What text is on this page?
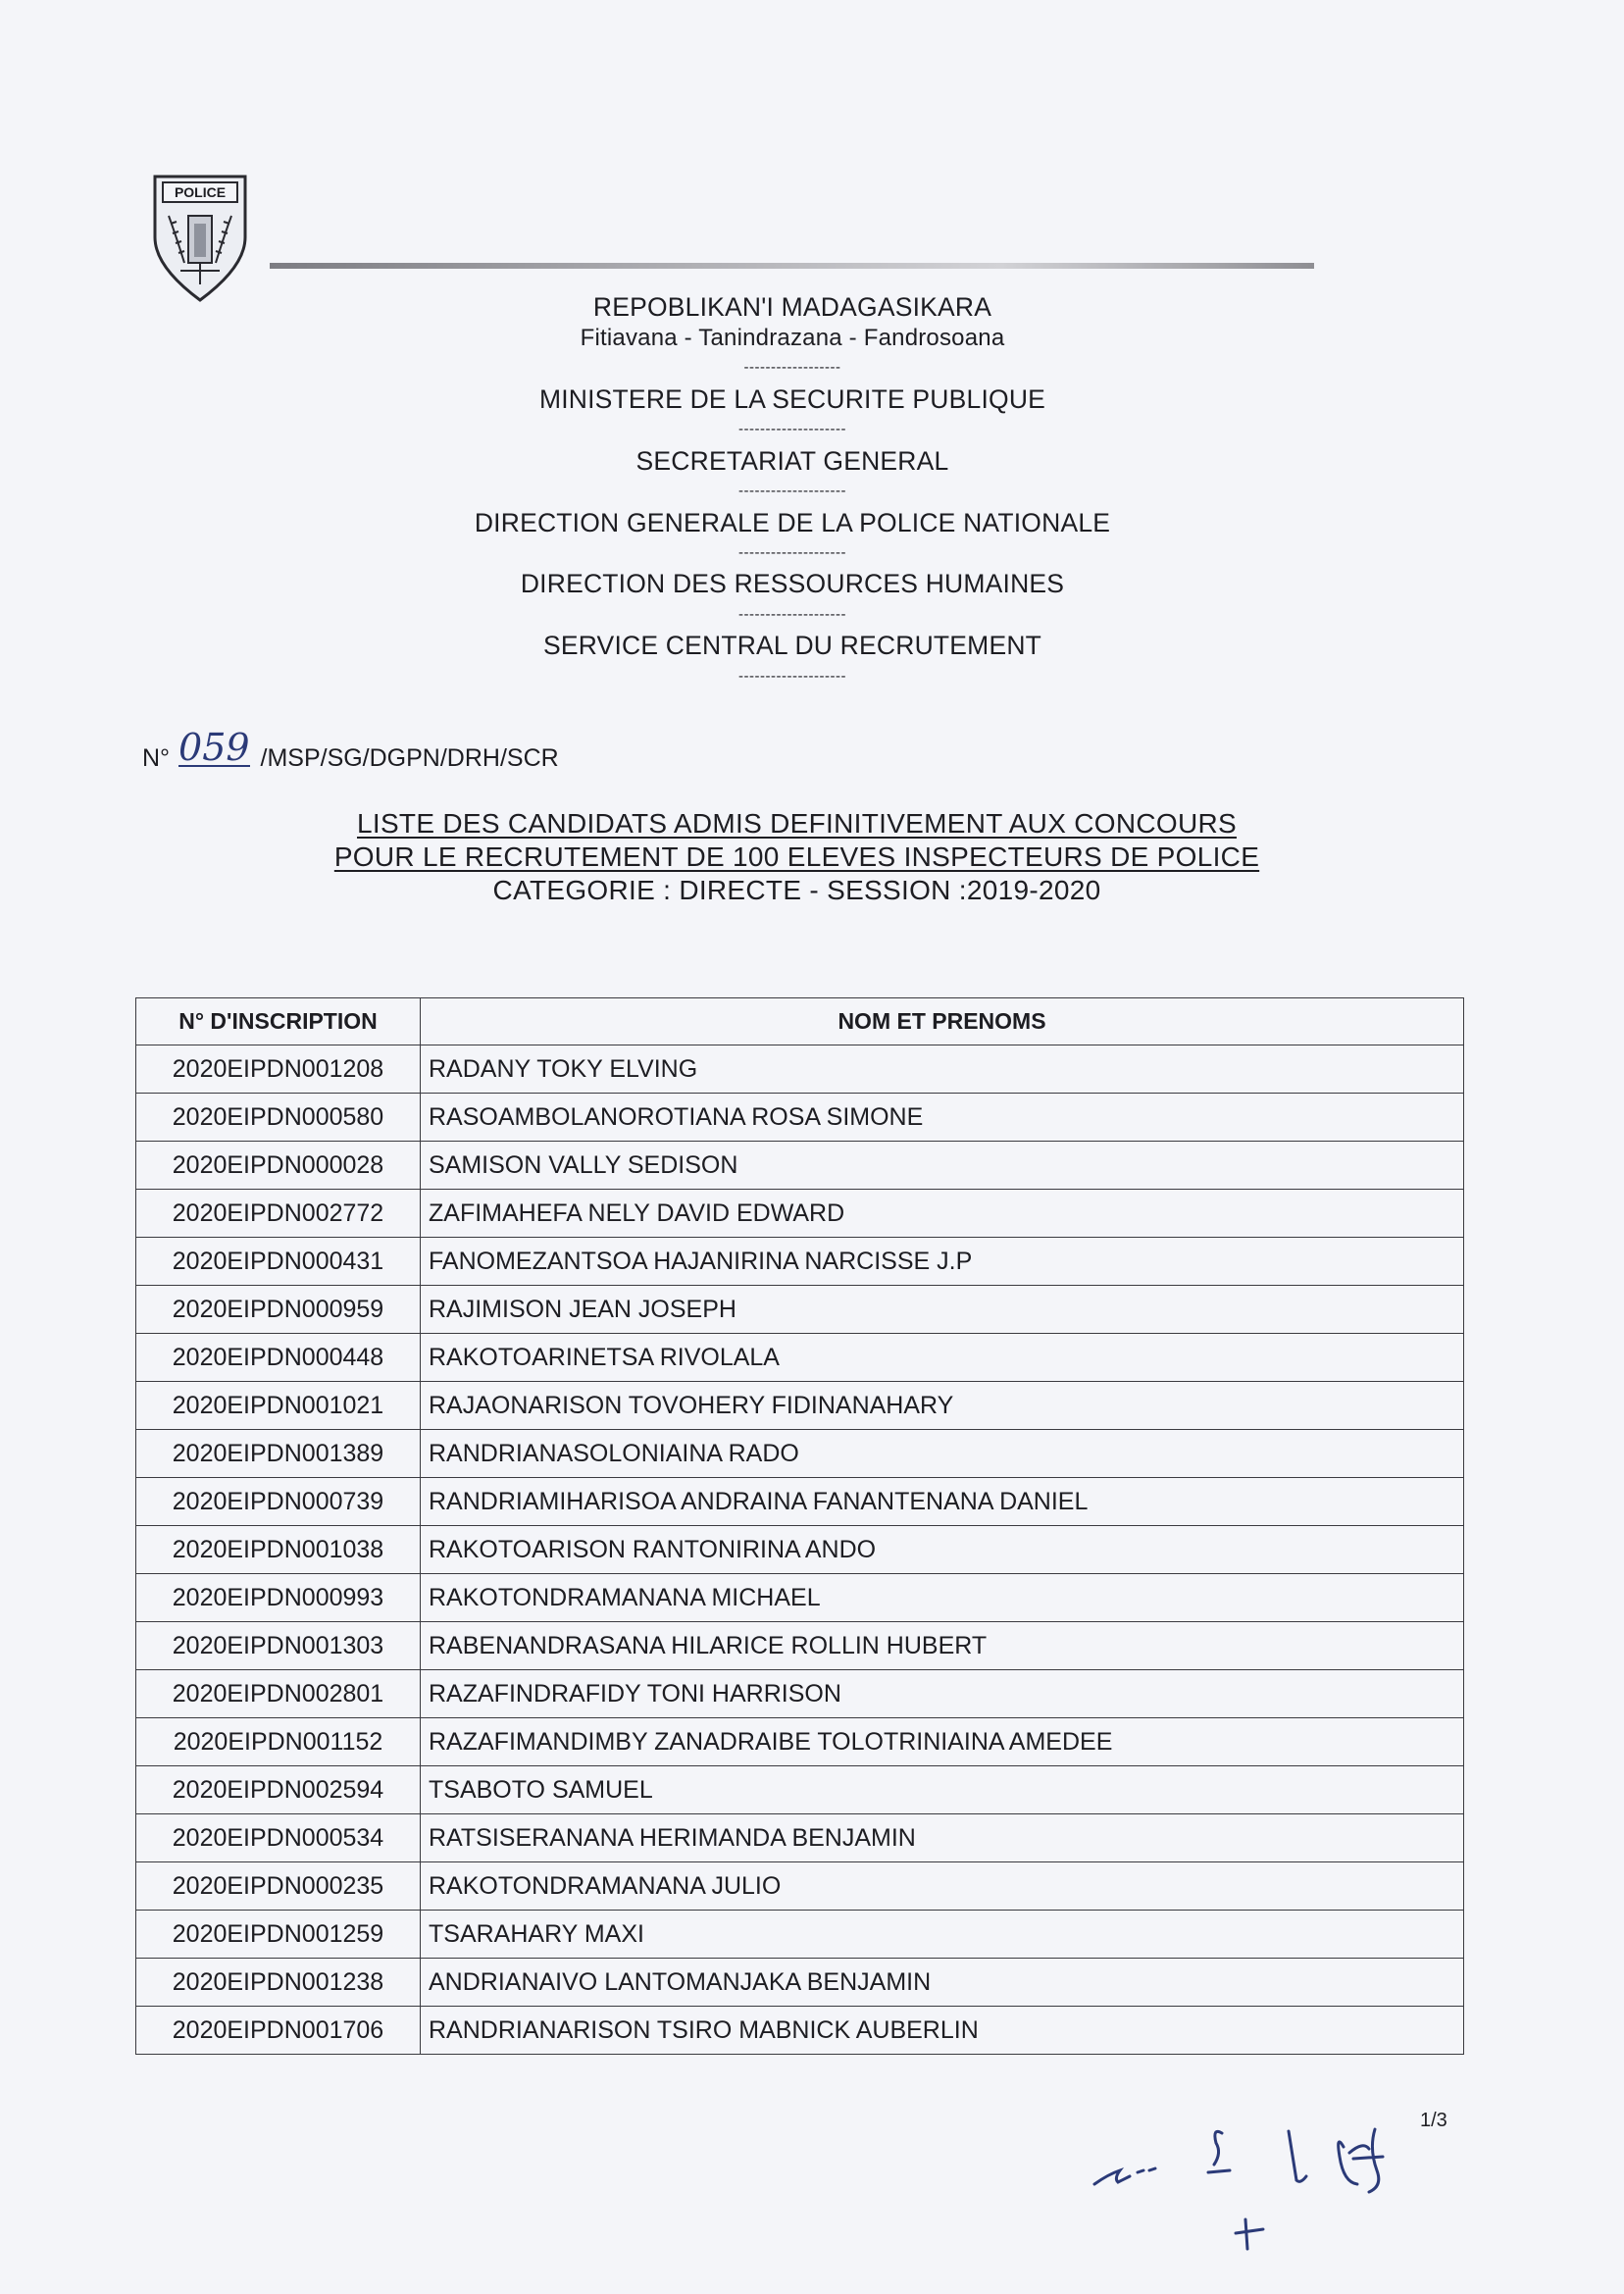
POLICE
REPOBLIKAN'I MADAGASIKARA
Fitiavana - Tanindrazana - Fandrosoana
------------------
MINISTERE DE LA SECURITE PUBLIQUE
--------------------
SECRETARIAT GENERAL
--------------------
DIRECTION GENERALE DE LA POLICE NATIONALE
--------------------
DIRECTION DES RESSOURCES HUMAINES
--------------------
SERVICE CENTRAL DU RECRUTEMENT
--------------------
N° 059 /MSP/SG/DGPN/DRH/SCR
LISTE DES CANDIDATS ADMIS DEFINITIVEMENT AUX CONCOURS
POUR LE RECRUTEMENT DE 100 ELEVES INSPECTEURS DE POLICE
CATEGORIE : DIRECTE - SESSION :2019-2020
N° D'INSCRIPTION	NOM ET PRENOMS
2020EIPDN001208	RADANY TOKY ELVING
2020EIPDN000580	RASOAMBOLANOROTIANA ROSA SIMONE
2020EIPDN000028	SAMISON VALLY SEDISON
2020EIPDN002772	ZAFIMAHEFA NELY DAVID EDWARD
2020EIPDN000431	FANOMEZANTSOA HAJANIRINA NARCISSE J.P
2020EIPDN000959	RAJIMISON JEAN JOSEPH
2020EIPDN000448	RAKOTOARINETSA RIVOLALA
2020EIPDN001021	RAJAONARISON TOVOHERY FIDINANAHARY
2020EIPDN001389	RANDRIANASOLONIAINA RADO
2020EIPDN000739	RANDRIAMIHARISOA ANDRAINA FANANTENANA DANIEL
2020EIPDN001038	RAKOTOARISON RANTONIRINA ANDO
2020EIPDN000993	RAKOTONDRAMANANA MICHAEL
2020EIPDN001303	RABENANDRASANA HILARICE ROLLIN HUBERT
2020EIPDN002801	RAZAFINDRAFIDY TONI HARRISON
2020EIPDN001152	RAZAFIMANDIMBY ZANADRAIBE TOLOTRINIAINA AMEDEE
2020EIPDN002594	TSABOTO SAMUEL
2020EIPDN000534	RATSISERANANA HERIMANDA BENJAMIN
2020EIPDN000235	RAKOTONDRAMANANA JULIO
2020EIPDN001259	TSARAHARY MAXI
2020EIPDN001238	ANDRIANAIVO LANTOMANJAKA BENJAMIN
2020EIPDN001706	RANDRIANARISON TSIRO MABNICK AUBERLIN
1/3
